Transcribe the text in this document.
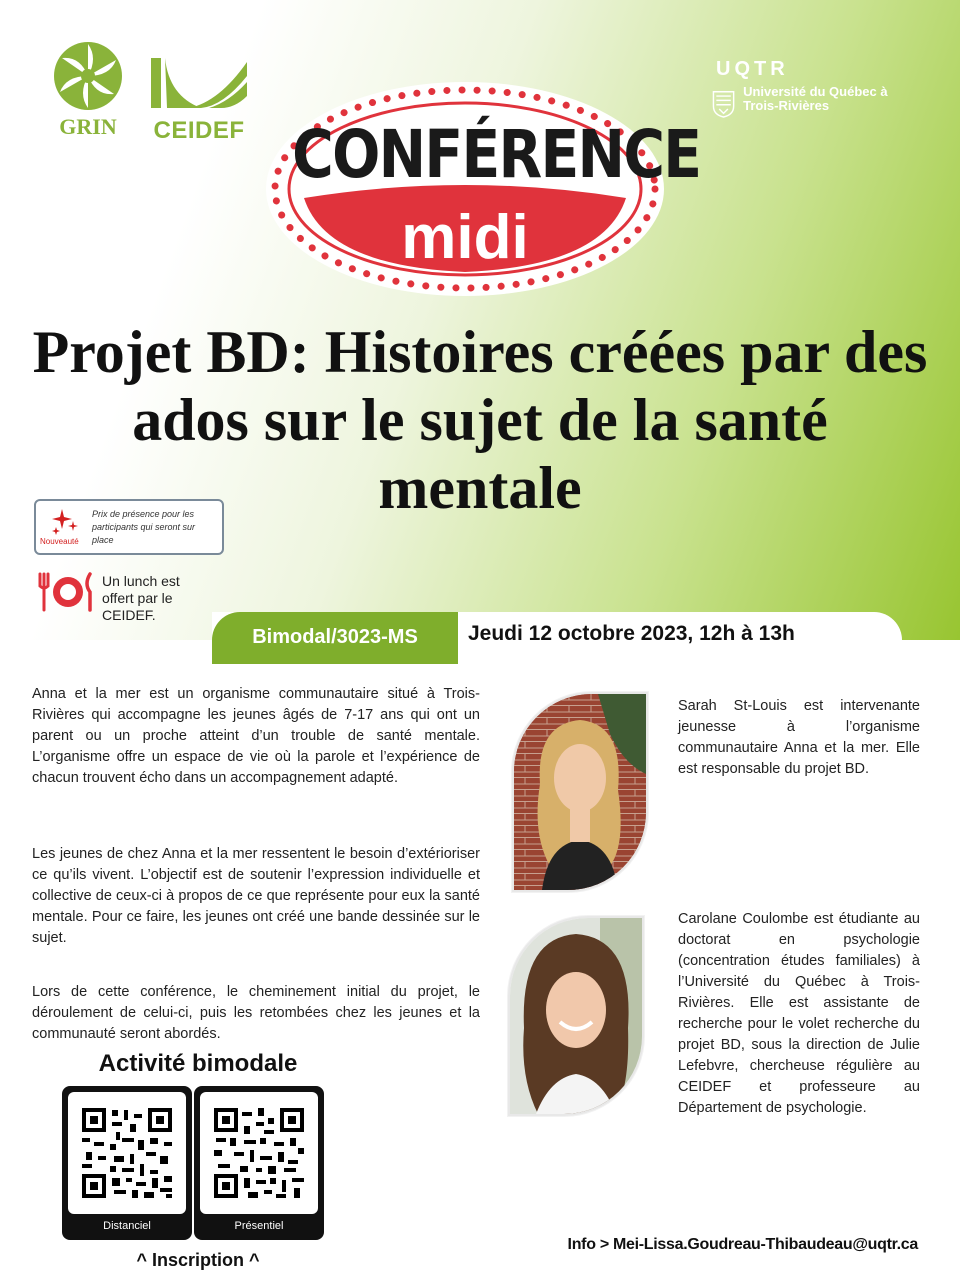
GRIN	CEIDEF
UQTR
Université du Québec à Trois-Rivières
CONFÉRENCE
midi
Projet BD: Histoires créées par des ados sur le sujet de la santé mentale
Nouveauté
Prix de présence pour les participants qui seront sur place
Un lunch est offert par le CEIDEF.
Bimodal/3023-MS	Jeudi 12 octobre 2023, 12h à 13h
Anna et la mer est un organisme communautaire situé à Trois-Rivières qui accompagne les jeunes âgés de 7-17 ans qui ont un parent ou un proche atteint d’un trouble de santé mentale. L’organisme offre un espace de vie où la parole et l’expérience de chacun trouvent écho dans un accompagnement adapté.
Les jeunes de chez Anna et la mer ressentent le besoin d’extérioriser ce qu’ils vivent. L’objectif est de soutenir l’expression individuelle et collective de ceux-ci à propos de ce que représente pour eux la santé mentale. Pour ce faire, les jeunes ont créé une bande dessinée sur le sujet.
Lors de cette conférence, le cheminement initial du projet, le déroulement de celui-ci, puis les retombées chez les jeunes et la communauté seront abordés.
Sarah St-Louis est intervenante jeunesse à l’organisme communautaire Anna et la mer. Elle est responsable du projet BD.
Carolane Coulombe est étudiante au doctorat en psychologie (concentration études familiales) à l’Université du Québec à Trois-Rivières. Elle est assistante de recherche pour le volet recherche du projet BD, sous la direction de Julie Lefebvre, chercheuse régulière au CEIDEF et professeure au Département de psychologie.
Activité bimodale
Distanciel	Présentiel
^ Inscription ^
Info > Mei-Lissa.Goudreau-Thibaudeau@uqtr.ca
